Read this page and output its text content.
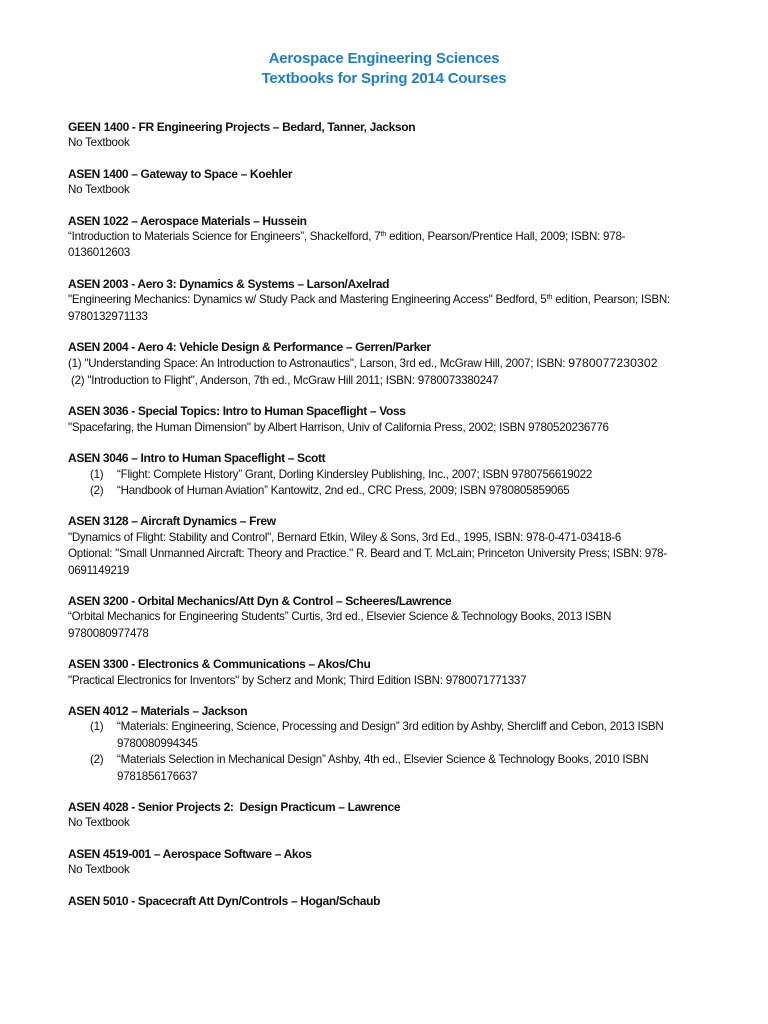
Aerospace Engineering Sciences
Textbooks for Spring 2014 Courses
GEEN 1400 - FR Engineering Projects – Bedard, Tanner, Jackson
No Textbook
ASEN 1400 – Gateway to Space – Koehler
No Textbook
ASEN 1022 – Aerospace Materials – Hussein
“Introduction to Materials Science for Engineers”, Shackelford, 7th edition, Pearson/Prentice Hall, 2009; ISBN: 978-
0136012603
ASEN 2003 - Aero 3: Dynamics & Systems – Larson/Axelrad
"Engineering Mechanics: Dynamics w/ Study Pack and Mastering Engineering Access" Bedford, 5th edition, Pearson; ISBN:
9780132971133
ASEN 2004 - Aero 4: Vehicle Design & Performance – Gerren/Parker
(1) "Understanding Space: An Introduction to Astronautics", Larson, 3rd ed., McGraw Hill, 2007; ISBN: 9780077230302
(2) "Introduction to Flight", Anderson, 7th ed., McGraw Hill 2011; ISBN: 9780073380247
ASEN 3036 - Special Topics: Intro to Human Spaceflight – Voss
"Spacefaring, the Human Dimension" by Albert Harrison, Univ of California Press, 2002; ISBN 9780520236776
ASEN 3046 – Intro to Human Spaceflight – Scott
(1) “Flight: Complete History” Grant, Dorling Kindersley Publishing, Inc., 2007; ISBN 9780756619022
(2) “Handbook of Human Aviation” Kantowitz, 2nd ed., CRC Press, 2009; ISBN 9780805859065
ASEN 3128 – Aircraft Dynamics – Frew
"Dynamics of Flight: Stability and Control", Bernard Etkin, Wiley & Sons, 3rd Ed., 1995, ISBN: 978-0-471-03418-6
Optional: "Small Unmanned Aircraft: Theory and Practice." R. Beard and T. McLain; Princeton University Press; ISBN: 978-
0691149219
ASEN 3200 - Orbital Mechanics/Att Dyn & Control – Scheeres/Lawrence
“Orbital Mechanics for Engineering Students” Curtis, 3rd ed., Elsevier Science & Technology Books, 2013 ISBN
9780080977478
ASEN 3300 - Electronics & Communications – Akos/Chu
"Practical Electronics for Inventors" by Scherz and Monk; Third Edition ISBN: 9780071771337
ASEN 4012 – Materials – Jackson
(1) “Materials: Engineering, Science, Processing and Design” 3rd edition by Ashby, Shercliff and Cebon, 2013 ISBN
9780080994345
(2) “Materials Selection in Mechanical Design” Ashby, 4th ed., Elsevier Science & Technology Books, 2010 ISBN
9781856176637
ASEN 4028 - Senior Projects 2:  Design Practicum – Lawrence
No Textbook
ASEN 4519-001 – Aerospace Software – Akos
No Textbook
ASEN 5010 - Spacecraft Att Dyn/Controls – Hogan/Schaub
